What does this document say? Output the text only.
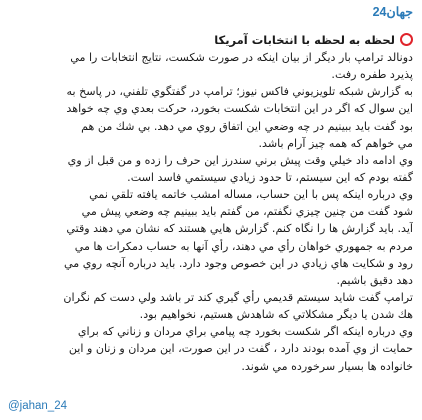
جهان24
لحظه به لحظه با انتخابات آمريكا
دونالد ترامپ بار ديگر از بيان اينكه در صورت شكست، نتايج انتخابات را مي
پذيرد طفره رفت.
به گزارش شبكه تلويزيوني فاكس نيوز؛ ترامپ در گفتگوي تلفني، در پاسخ به
اين سوال كه اگر در اين انتخابات شكست بخورد، حركت بعدي وي چه خواهد
بود گفت بايد ببينيم در چه وضعي اين اتفاق روي مي دهد. بي شك من هم
مي خواهم كه همه چيز آرام باشد.
وي ادامه داد خيلي وقت پيش برني سندرز اين حرف را زده و من قبل از وي
گفته بودم كه اين سيستم، تا حدود زيادي سيستمي فاسد است.
وي درباره اينكه پس با اين حساب، مساله امشب خاتمه يافته تلقي نمي
شود گفت من چنين چيزي نگفتم، من گفتم بايد ببينيم چه وضعي پيش مي
آيد. بايد گزارش ها را نگاه كنم. گزارش هايي هستند كه نشان مي دهند وقتي
مردم به جمهوري خواهان رأي مي دهند، رأي آنها به حساب دمكرات ها مي
رود و شكايت هاي زيادي در اين خصوص وجود دارد. بايد درباره آنچه روي مي
دهد دقيق باشيم.
ترامپ گفت شايد سيستم قديمي رأي گيري كند تر باشد ولي دست كم نگران
هك شدن يا ديگر مشكلاتي كه شاهدش هستيم، نخواهيم بود.
وي درباره اينكه اگر شكست بخورد چه پيامي براي مردان و زناني كه براي
حمايت از وي آمده بودند دارد ، گفت در اين صورت، اين مردان و زنان و اين
خانواده ها بسيار سرخورده مي شوند.
@jahan_24
